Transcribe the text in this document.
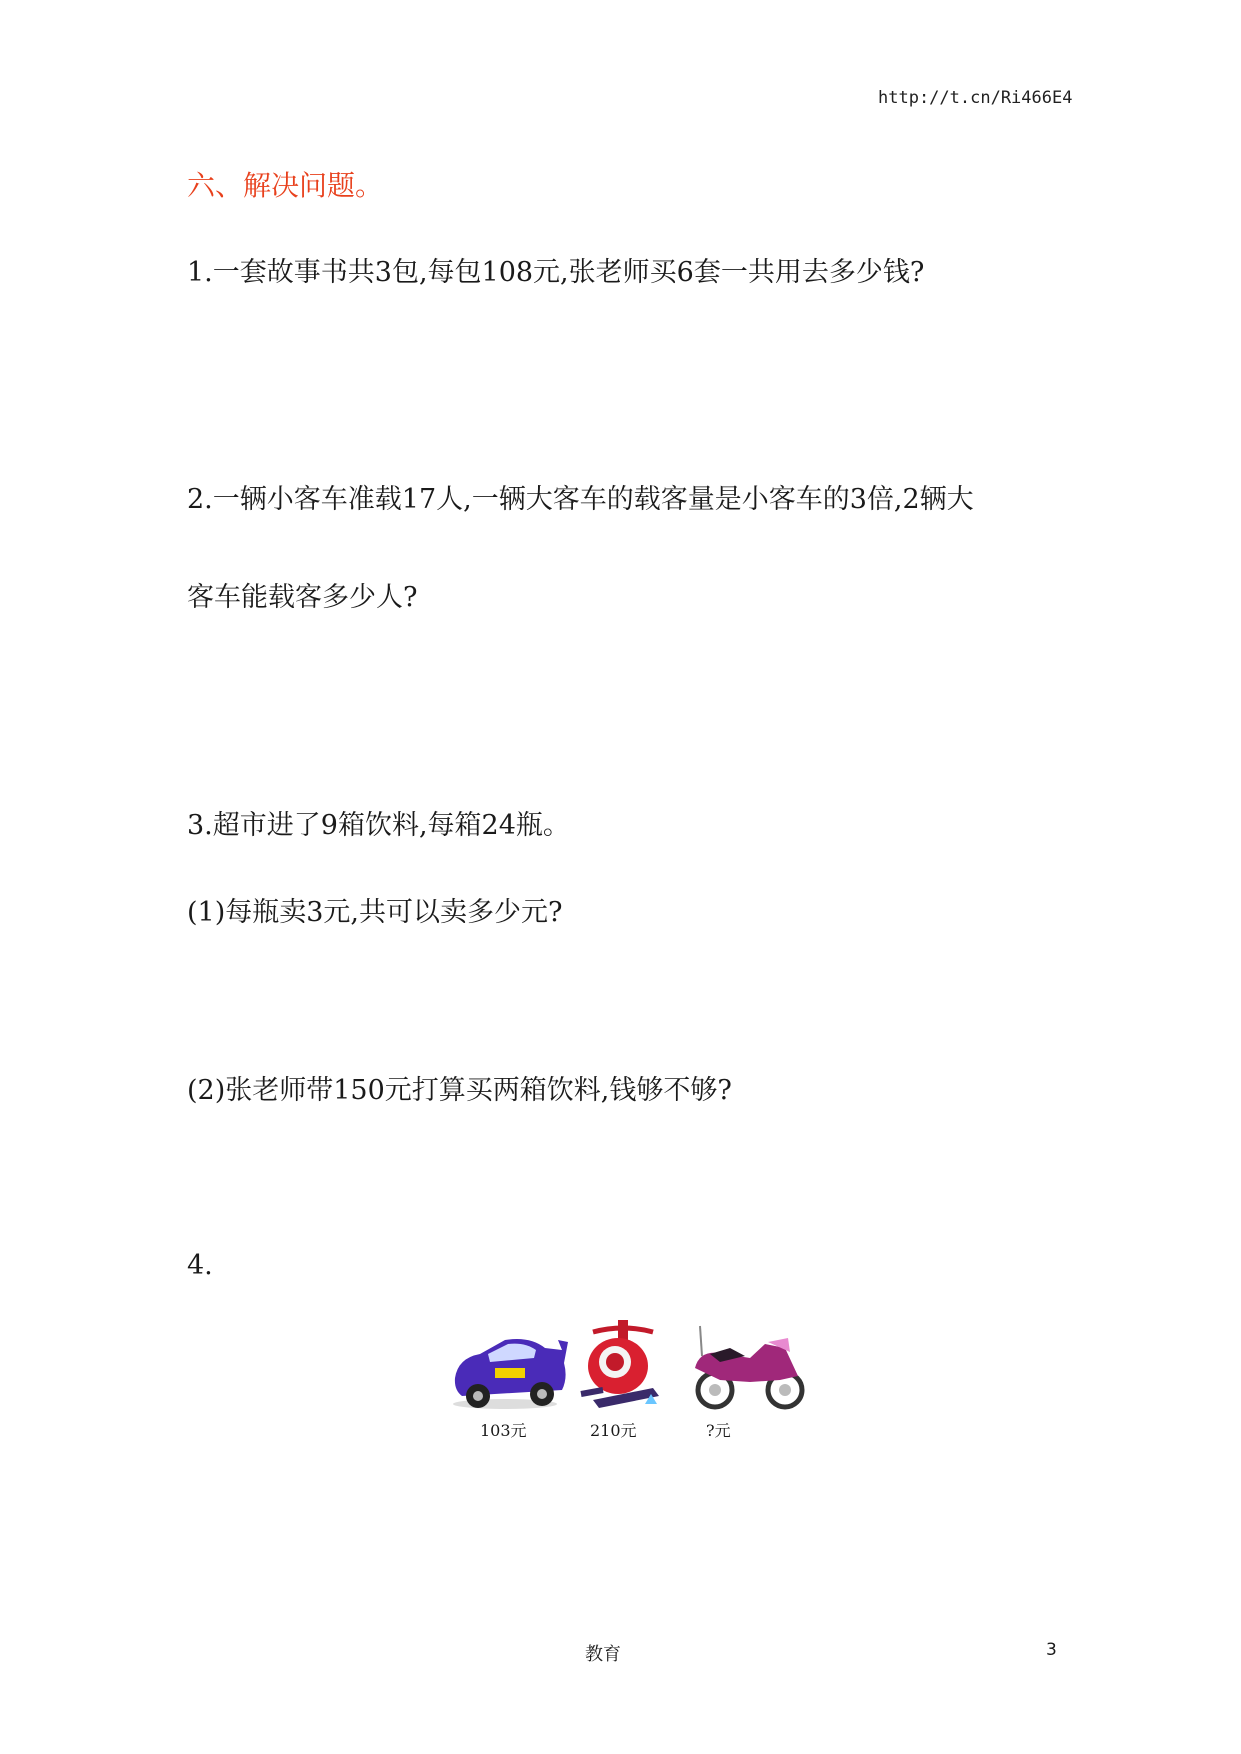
http://t.cn/Ri466E4
六、解决问题。
1.一套故事书共3包,每包108元,张老师买6套一共用去多少钱?
2.一辆小客车准载17人,一辆大客车的载客量是小客车的3倍,2辆大
客车能载客多少人?
3.超市进了9箱饮料,每箱24瓶。
(1)每瓶卖3元,共可以卖多少元?
(2)张老师带150元打算买两箱饮料,钱够不够?
4.
103元	210元	?元
教育	3
